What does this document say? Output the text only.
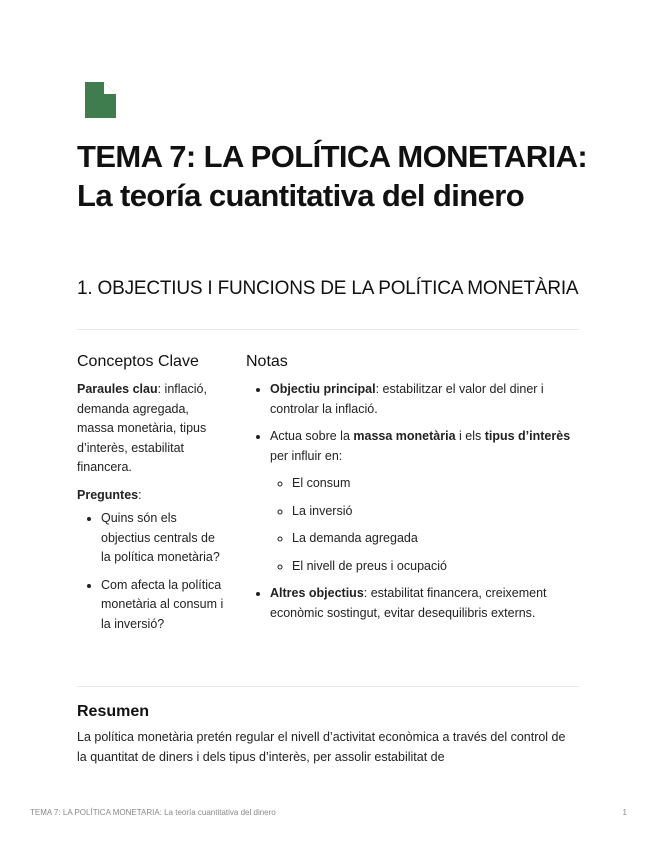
TEMA 7: LA POLÍTICA MONETARIA: La teoría cuantitativa del dinero
1. OBJECTIUS I FUNCIONS DE LA POLÍTICA MONETÀRIA
Conceptos Clave

Paraules clau: inflació, demanda agregada, massa monetària, tipus d’interès, estabilitat financera.

Preguntes:

• Quins són els objectius centrals de la política monetària?
• Com afecta la política monetària al consum i la inversió?
Notas
• Objectiu principal: estabilitzar el valor del diner i controlar la inflació.
• Actua sobre la massa monetària i els tipus d’interès per influir en:
◦ El consum
◦ La inversió
◦ La demanda agregada
◦ El nivell de preus i ocupació
• Altres objectius: estabilitat financera, creixement econòmic sostingut, evitar desequilibris externs.
Resumen

La política monetària pretén regular el nivell d’activitat econòmica a través del control de la quantitat de diners i dels tipus d’interès, per assolir estabilitat de

TEMA 7: LA POLÍTICA MONETARIA: La teoría cuantitativa del dinero	1
